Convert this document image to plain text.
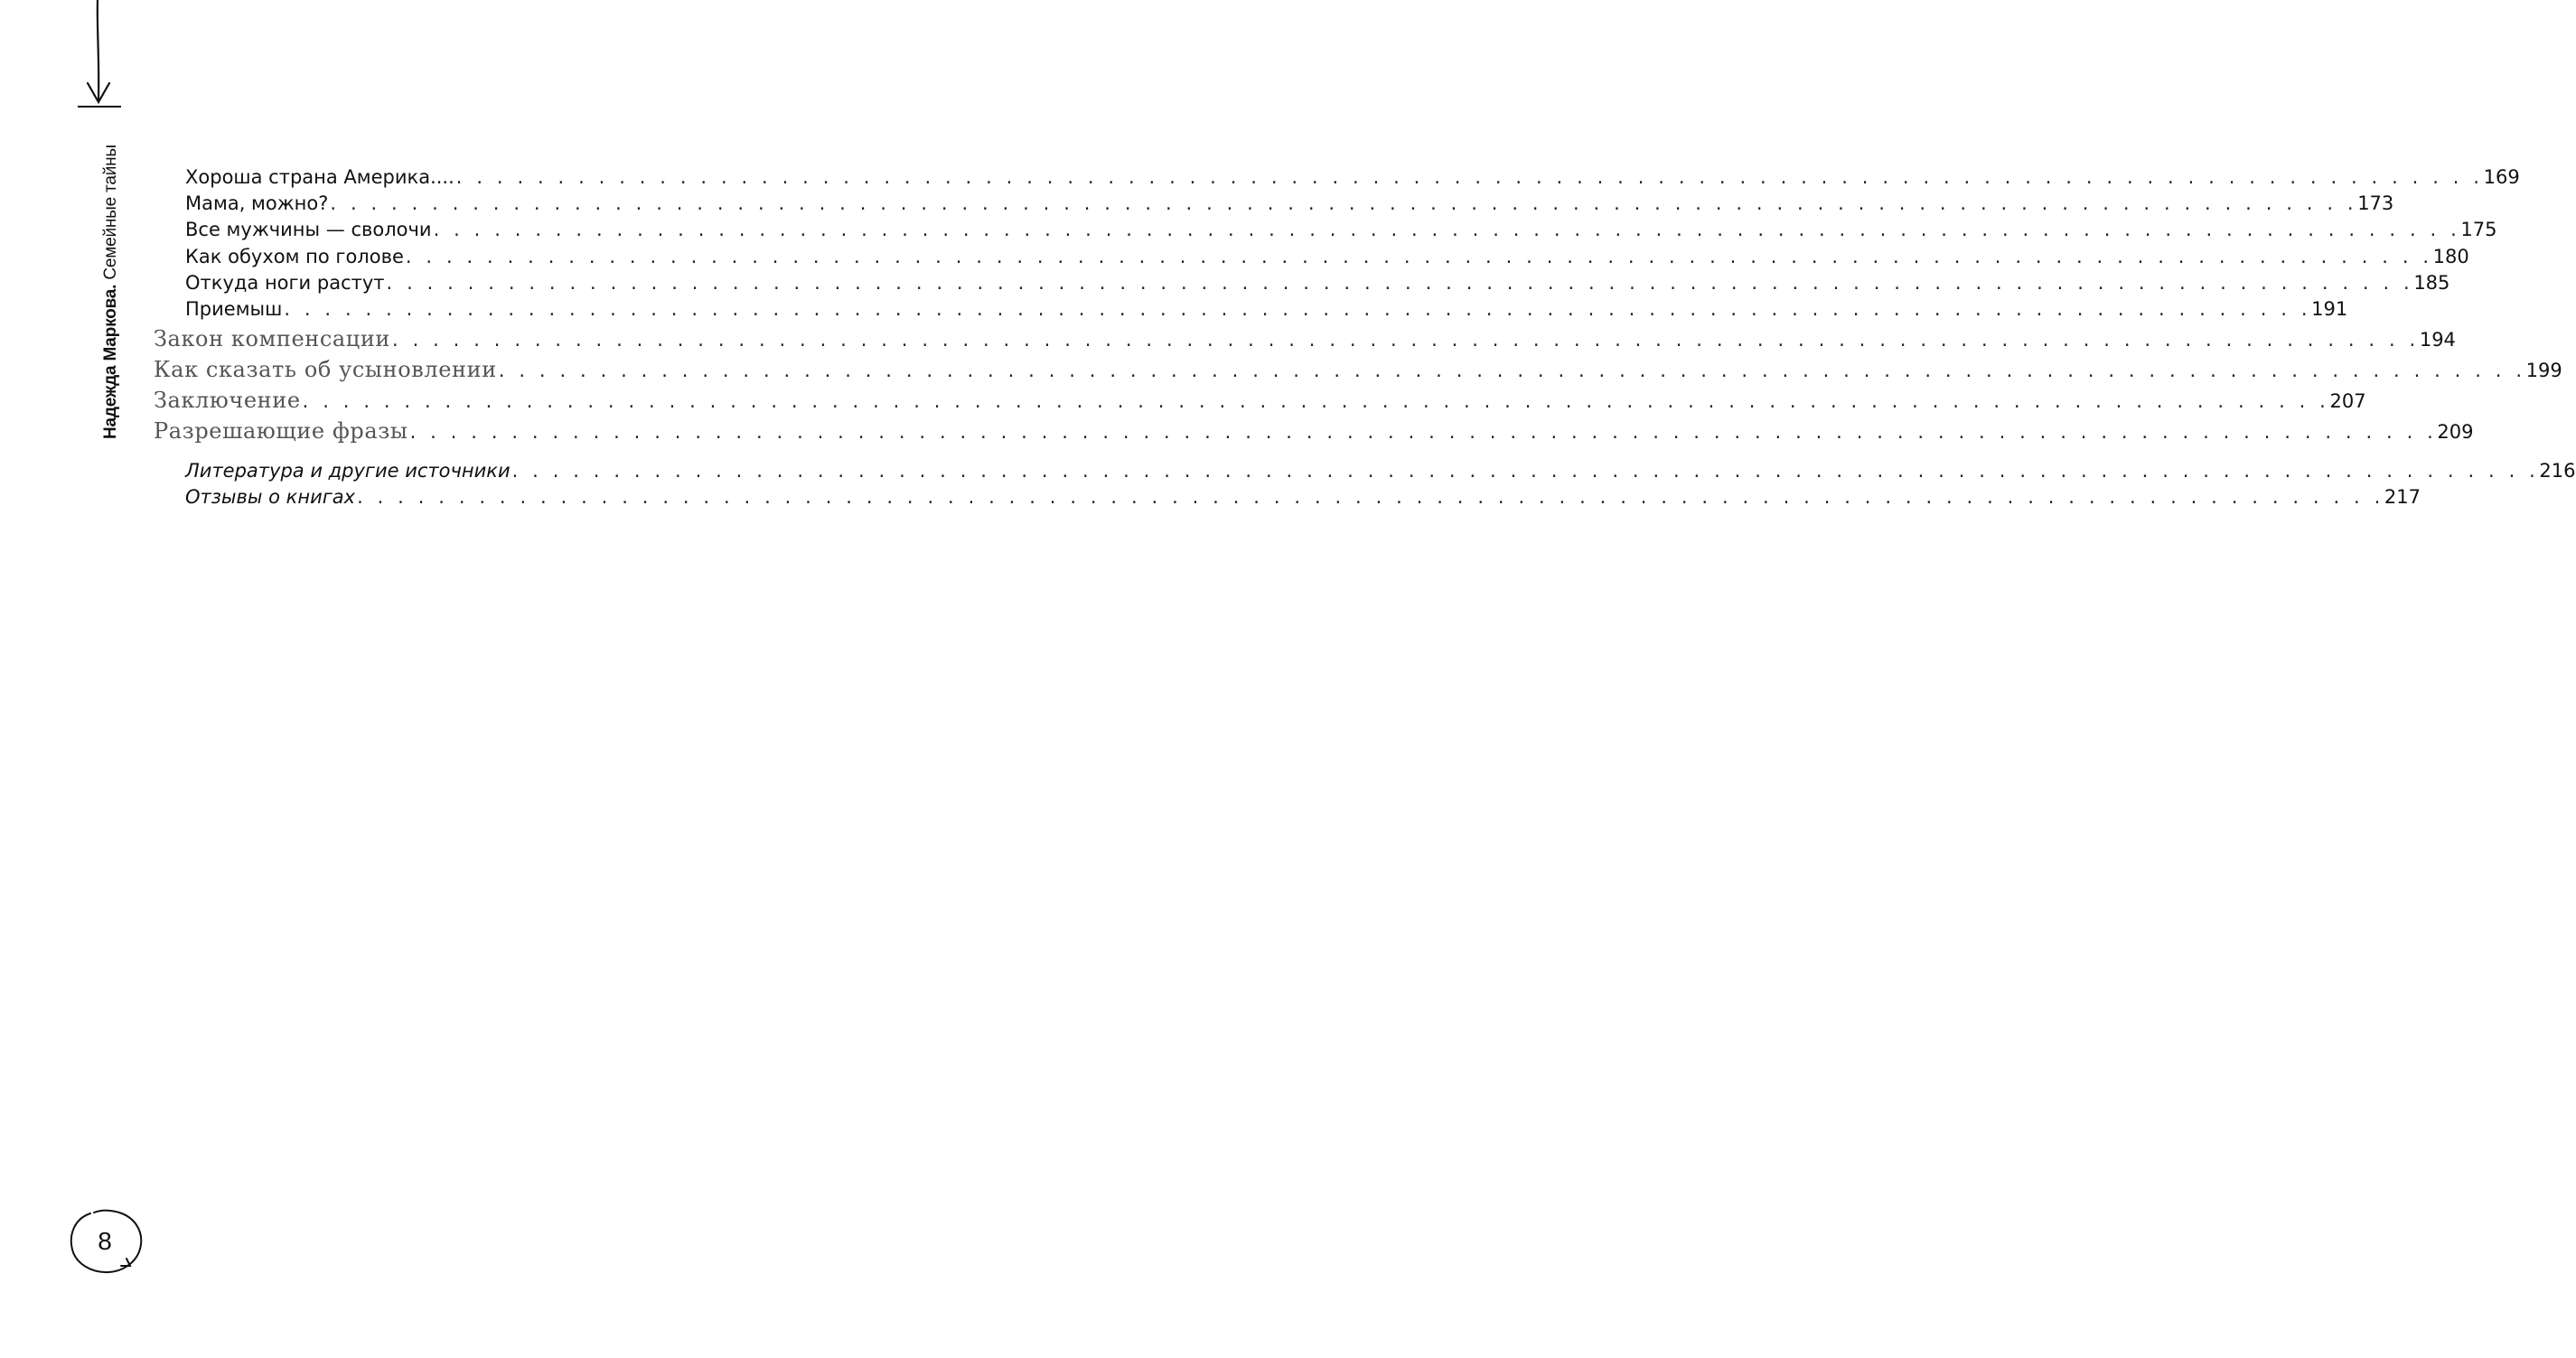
Надежда Маркова. Семейные тайны	Хороша страна Америка.... . . . . . . . . . . . . . . . . . . . . . . . . . . . . . . . . . . . . . . . . . . . . . . . . . . . . . . . . . . . . . . . . . . . . . . . . . . . . . . . . . . . . . . . . . . . . . . . . . . . . 169
Мама, можно? . . . . . . . . . . . . . . . . . . . . . . . . . . . . . . . . . . . . . . . . . . . . . . . . . . . . . . . . . . . . . . . . . . . . . . . . . . . . . . . . . . . . . . . . . . . . . . . . . . . . 173
Все мужчины — сволочи . . . . . . . . . . . . . . . . . . . . . . . . . . . . . . . . . . . . . . . . . . . . . . . . . . . . . . . . . . . . . . . . . . . . . . . . . . . . . . . . . . . . . . . . . . . . . . . . . . . . 175
Как обухом по голове . . . . . . . . . . . . . . . . . . . . . . . . . . . . . . . . . . . . . . . . . . . . . . . . . . . . . . . . . . . . . . . . . . . . . . . . . . . . . . . . . . . . . . . . . . . . . . . . . . . . 180
Откуда ноги растут . . . . . . . . . . . . . . . . . . . . . . . . . . . . . . . . . . . . . . . . . . . . . . . . . . . . . . . . . . . . . . . . . . . . . . . . . . . . . . . . . . . . . . . . . . . . . . . . . . . . 185
Приемыш . . . . . . . . . . . . . . . . . . . . . . . . . . . . . . . . . . . . . . . . . . . . . . . . . . . . . . . . . . . . . . . . . . . . . . . . . . . . . . . . . . . . . . . . . . . . . . . . . . . . 191
Закон компенсации . . . . . . . . . . . . . . . . . . . . . . . . . . . . . . . . . . . . . . . . . . . . . . . . . . . . . . . . . . . . . . . . . . . . . . . . . . . . . . . . . . . . . . . . . . . . . . . . . . . . 194
Как сказать об усыновлении . . . . . . . . . . . . . . . . . . . . . . . . . . . . . . . . . . . . . . . . . . . . . . . . . . . . . . . . . . . . . . . . . . . . . . . . . . . . . . . . . . . . . . . . . . . . . . . . . . . . 199
Заключение . . . . . . . . . . . . . . . . . . . . . . . . . . . . . . . . . . . . . . . . . . . . . . . . . . . . . . . . . . . . . . . . . . . . . . . . . . . . . . . . . . . . . . . . . . . . . . . . . . . . 207
Разрешающие фразы . . . . . . . . . . . . . . . . . . . . . . . . . . . . . . . . . . . . . . . . . . . . . . . . . . . . . . . . . . . . . . . . . . . . . . . . . . . . . . . . . . . . . . . . . . . . . . . . . . . . 209
Литература и другие источники . . . . . . . . . . . . . . . . . . . . . . . . . . . . . . . . . . . . . . . . . . . . . . . . . . . . . . . . . . . . . . . . . . . . . . . . . . . . . . . . . . . . . . . . . . . . . . . . . . . . 216
Отзывы о книгах . . . . . . . . . . . . . . . . . . . . . . . . . . . . . . . . . . . . . . . . . . . . . . . . . . . . . . . . . . . . . . . . . . . . . . . . . . . . . . . . . . . . . . . . . . . . . . . . . . . . 217
8
